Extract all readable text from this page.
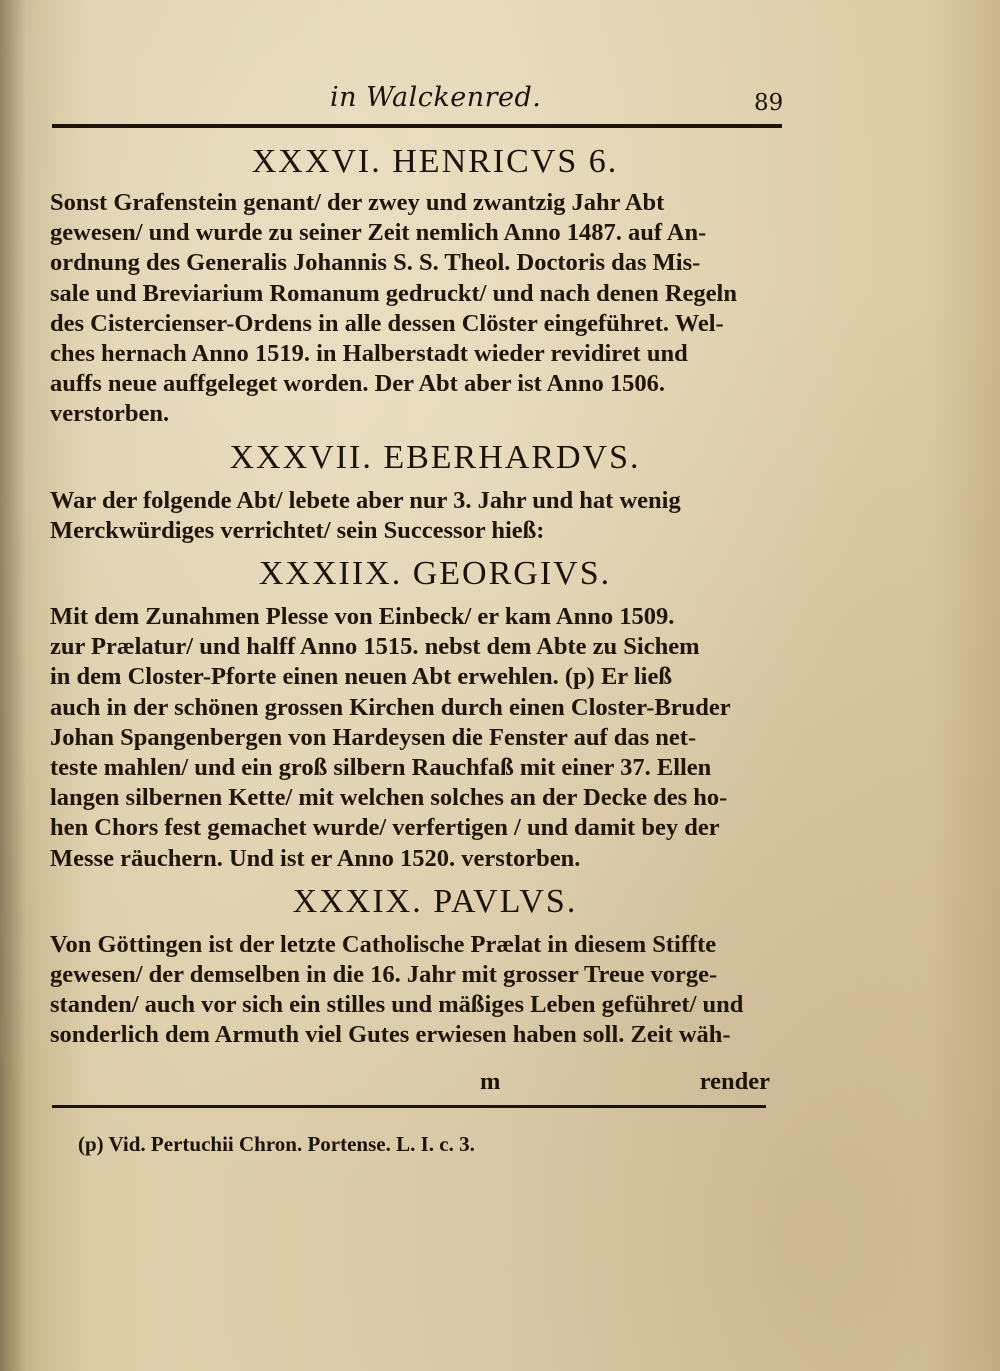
in Walckenred.	89
XXXVI. HENRICVS 6.
Sonst Grafenstein genant/ der zwey und zwantzig Jahr Abt
gewesen/ und wurde zu seiner Zeit nemlich Anno 1487. auf An-
ordnung des Generalis Johannis S. S. Theol. Doctoris das Mis-
sale und Breviarium Romanum gedruckt/ und nach denen Regeln
des Cistercienser-Ordens in alle dessen Clöster eingeführet. Wel-
ches hernach Anno 1519. in Halberstadt wieder revidiret und
auffs neue auffgeleget worden. Der Abt aber ist Anno 1506.
verstorben.
XXXVII. EBERHARDVS.
War der folgende Abt/ lebete aber nur 3. Jahr und hat wenig
Merckwürdiges verrichtet/ sein Successor hieß:
XXXIIX. GEORGIVS.
Mit dem Zunahmen Plesse von Einbeck/ er kam Anno 1509.
zur Prælatur/ und halff Anno 1515. nebst dem Abte zu Sichem
in dem Closter-Pforte einen neuen Abt erwehlen. (p) Er ließ
auch in der schönen grossen Kirchen durch einen Closter-Bruder
Johan Spangenbergen von Hardeysen die Fenster auf das net-
teste mahlen/ und ein groß silbern Rauchfaß mit einer 37. Ellen
langen silbernen Kette/ mit welchen solches an der Decke des ho-
hen Chors fest gemachet wurde/ verfertigen / und damit bey der
Messe räuchern. Und ist er Anno 1520. verstorben.
XXXIX. PAVLVS.
Von Göttingen ist der letzte Catholische Prælat in diesem Stiffte
gewesen/ der demselben in die 16. Jahr mit grosser Treue vorge-
standen/ auch vor sich ein stilles und mäßiges Leben geführet/ und
sonderlich dem Armuth viel Gutes erwiesen haben soll. Zeit wäh-
m	render
(p) Vid. Pertuchii Chron. Portense. L. I. c. 3.
